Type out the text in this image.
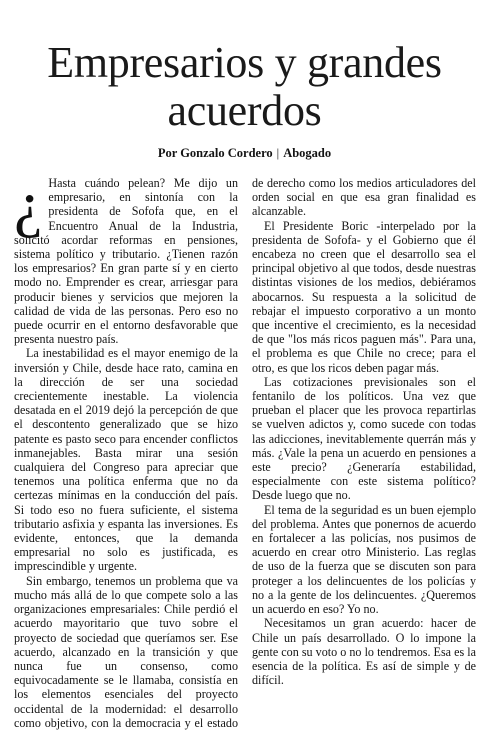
Empresarios y grandes
acuerdos
Por Gonzalo Cordero | Abogado

¿ Hasta cuándo pelean? Me dijo un empresario, en sintonía con la presidenta de Sofofa que, en el Encuentro Anual de la Industria, solicitó acordar reformas en pensiones, sistema político y tributario. ¿Tienen razón los empresarios? En gran parte sí y en cierto modo no. Emprender es crear, arriesgar para producir bienes y servicios que mejoren la calidad de vida de las personas. Pero eso no puede ocurrir en el entorno desfavorable que presenta nuestro país.

La inestabilidad es el mayor enemigo de la inversión y Chile, desde hace rato, camina en la dirección de ser una sociedad crecientemente inestable. La violencia desatada en el 2019 dejó la percepción de que el descontento generalizado que se hizo patente es pasto seco para encender conflictos inmanejables. Basta mirar una sesión cualquiera del Congreso para apreciar que tenemos una política enferma que no da certezas mínimas en la conducción del país. Si todo eso no fuera suficiente, el sistema tributario asfixia y espanta las inversiones. Es evidente, entonces, que la demanda empresarial no solo es justificada, es imprescindible y urgente.

Sin embargo, tenemos un problema que va mucho más allá de lo que compete solo a las organizaciones empresariales: Chile perdió el acuerdo mayoritario que tuvo sobre el proyecto de sociedad que queríamos ser. Ese acuerdo, alcanzado en la transición y que nunca fue un consenso, como equivocadamente se le llamaba, consistía en los elementos esenciales del proyecto occidental de la modernidad: el desarrollo como objetivo, con la democracia y el estado de derecho como los medios articuladores del orden social en que esa gran finalidad es alcanzable.

El Presidente Boric -interpelado por la presidenta de Sofofa- y el Gobierno que él encabeza no creen que el desarrollo sea el principal objetivo al que todos, desde nuestras distintas visiones de los medios, debiéramos abocarnos. Su respuesta a la solicitud de rebajar el impuesto corporativo a un monto que incentive el crecimiento, es la necesidad de que "los más ricos paguen más". Para una, el problema es que Chile no crece; para el otro, es que los ricos deben pagar más.

Las cotizaciones previsionales son el fentanilo de los políticos. Una vez que prueban el placer que les provoca repartirlas se vuelven adictos y, como sucede con todas las adicciones, inevitablemente querrán más y más. ¿Vale la pena un acuerdo en pensiones a este precio? ¿Generaría estabilidad, especialmente con este sistema político? Desde luego que no.

El tema de la seguridad es un buen ejemplo del problema. Antes que ponernos de acuerdo en fortalecer a las policías, nos pusimos de acuerdo en crear otro Ministerio. Las reglas de uso de la fuerza que se discuten son para proteger a los delincuentes de los policías y no a la gente de los delincuentes. ¿Queremos un acuerdo en eso? Yo no.

Necesitamos un gran acuerdo: hacer de Chile un país desarrollado. O lo impone la gente con su voto o no lo tendremos. Esa es la esencia de la política. Es así de simple y de difícil.
